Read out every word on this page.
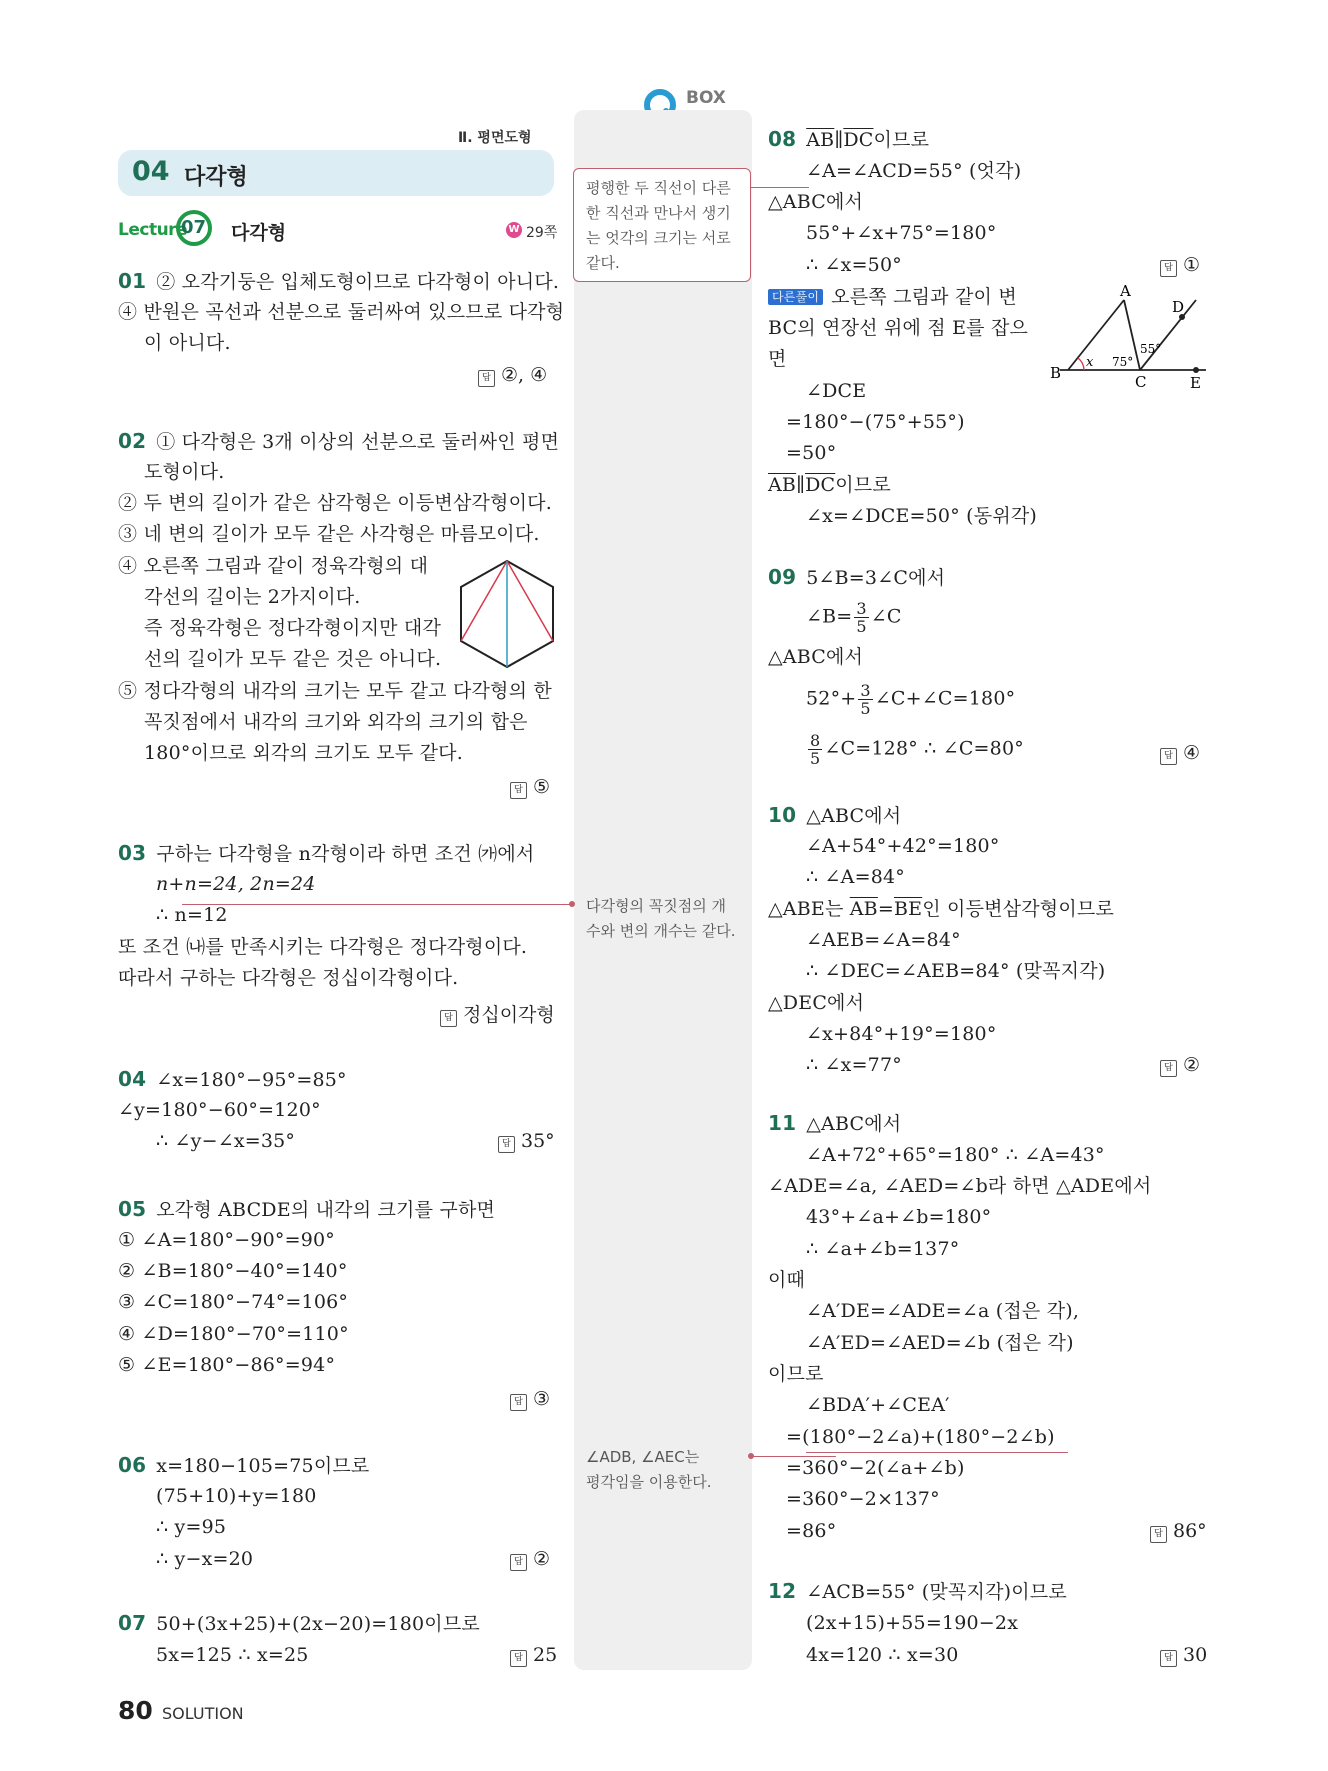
BOX
Ⅱ. 평면도형
04 다각형
Lecture
07 다각형	W 29쪽
평행한 두 직선이 다른
한 직선과 만나서 생기
는 엇각의 크기는 서로
같다.
다각형의 꼭짓점의 개
수와 변의 개수는 같다.
∠ADB, ∠AEC는
평각임을 이용한다.
01 ② 오각기둥은 입체도형이므로 다각형이 아니다.
④ 반원은 곡선과 선분으로 둘러싸여 있으므로 다각형
이 아니다.
답 ②, ④
02 ① 다각형은 3개 이상의 선분으로 둘러싸인 평면
도형이다.
② 두 변의 길이가 같은 삼각형은 이등변삼각형이다.
③ 네 변의 길이가 모두 같은 사각형은 마름모이다.
④ 오른쪽 그림과 같이 정육각형의 대
각선의 길이는 2가지이다.
즉 정육각형은 정다각형이지만 대각
선의 길이가 모두 같은 것은 아니다.
⑤ 정다각형의 내각의 크기는 모두 같고 다각형의 한
꼭짓점에서 내각의 크기와 외각의 크기의 합은
180°이므로 외각의 크기도 모두 같다.
답 ⑤
03 구하는 다각형을 n각형이라 하면 조건 ㈎에서
n+n=24, 2n=24
∴ n=12
또 조건 ㈏를 만족시키는 다각형은 정다각형이다.
따라서 구하는 다각형은 정십이각형이다.
답 정십이각형
04 ∠x=180°−95°=85°
∠y=180°−60°=120°
∴ ∠y−∠x=35°	답 35°
05 오각형 ABCDE의 내각의 크기를 구하면
① ∠A=180°−90°=90°
② ∠B=180°−40°=140°
③ ∠C=180°−74°=106°
④ ∠D=180°−70°=110°
⑤ ∠E=180°−86°=94°
답 ③
06 x=180−105=75이므로
(75+10)+y=180
∴ y=95
∴ y−x=20	답 ②
07 50+(3x+25)+(2x−20)=180이므로
5x=125 ∴ x=25	답 25
08 $\overline{AB}\parallel\overline{DC}$이므로
∠A=∠ACD=55° (엇각)
△ABC에서
55°+∠x+75°=180°
∴ ∠x=50°	답 ①
다른풀이 오른쪽 그림과 같이 변
BC의 연장선 위에 점 E를 잡으
면
∠DCE
=180°−(75°+55°)
=50°
$\overline{AB}\parallel\overline{DC}$이므로
∠x=∠DCE=50° (동위각)
A
B	C
D
E
x 75°
55°
09 5∠B=3∠C에서
∠B= $\frac{3}{5}$ ∠C
△ABC에서
$52^\circ+ \frac{3}{5}$ ∠C+∠C=180°
$\frac{8}{5}$ ∠C=128° ∴ ∠C=80°	답 ④
10 △ABC에서
∠A+54°+42°=180°
∴ ∠A=84°
△ABE는 $\overline{AB}=\overline{BE}$인 이등변삼각형이므로
∠AEB=∠A=84°
∴ ∠DEC=∠AEB=84° (맞꼭지각)
△DEC에서
∠x+84°+19°=180°
∴ ∠x=77°	답 ②
11 △ABC에서
∠A+72°+65°=180° ∴ ∠A=43°
∠ADE=∠a, ∠AED=∠b라 하면 △ADE에서
43°+∠a+∠b=180°
∴ ∠a+∠b=137°
이때
∠A′DE=∠ADE=∠a (접은 각),
∠A′ED=∠AED=∠b (접은 각)
이므로
∠BDA′+∠CEA′
=(180°−2∠a)+(180°−2∠b)
=360°−2(∠a+∠b)
=360°−2×137°
=86°	답 86°
12 ∠ACB=55° (맞꼭지각)이므로
(2x+15)+55=190−2x
4x=120 ∴ x=30	답 30
80 SOLUTION
